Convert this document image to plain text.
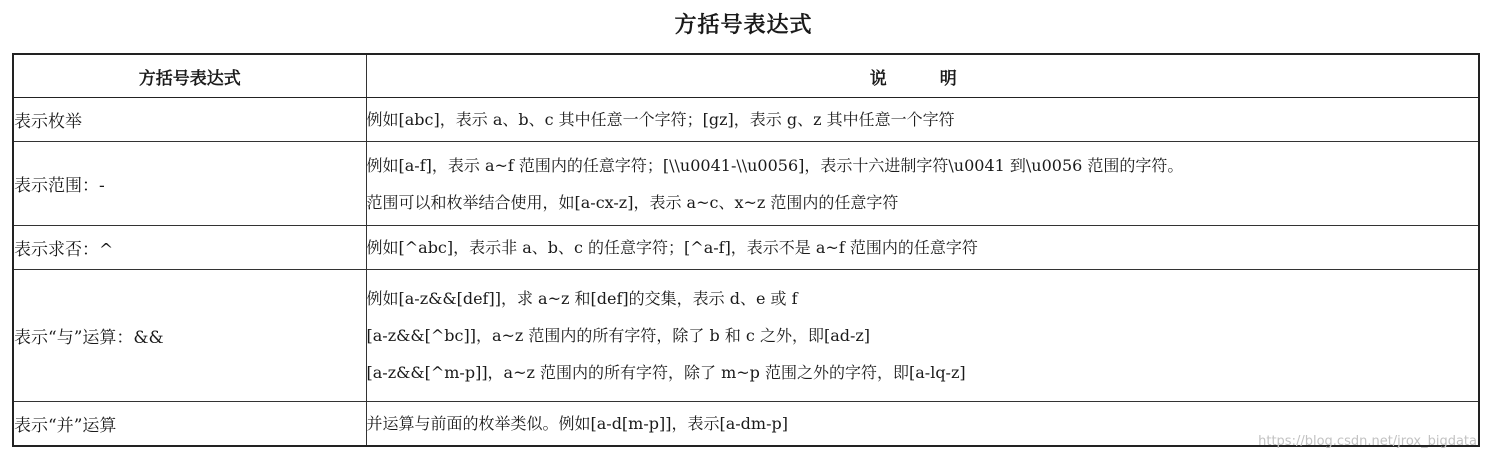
方括号表达式
方括号表达式	说　明
表示枚举	例如[abc]，表示 a、b、c 其中任意一个字符；[gz]，表示 g、z 其中任意一个字符

表示范围：-	例如[a-f]，表示 a~f 范围内的任意字符；[\\u0041-\\u0056]，表示十六进制字符\u0041 到\u0056 范围的字符。
范围可以和枚举结合使用，如[a-cx-z]，表示 a~c、x~z 范围内的任意字符

表示求否：^	例如[^abc]，表示非 a、b、c 的任意字符；[^a-f]，表示不是 a~f 范围内的任意字符

表示“与”运算：&&	例如[a-z&&[def]]，求 a~z 和[def]的交集，表示 d、e 或 f
[a-z&&[^bc]]，a~z 范围内的所有字符，除了 b 和 c 之外，即[ad-z]
[a-z&&[^m-p]]，a~z 范围内的所有字符，除了 m~p 范围之外的字符，即[a-lq-z]

表示“并”运算	并运算与前面的枚举类似。例如[a-d[m-p]]，表示[a-dm-p]
https://blog.csdn.net/jrox_bigdata
